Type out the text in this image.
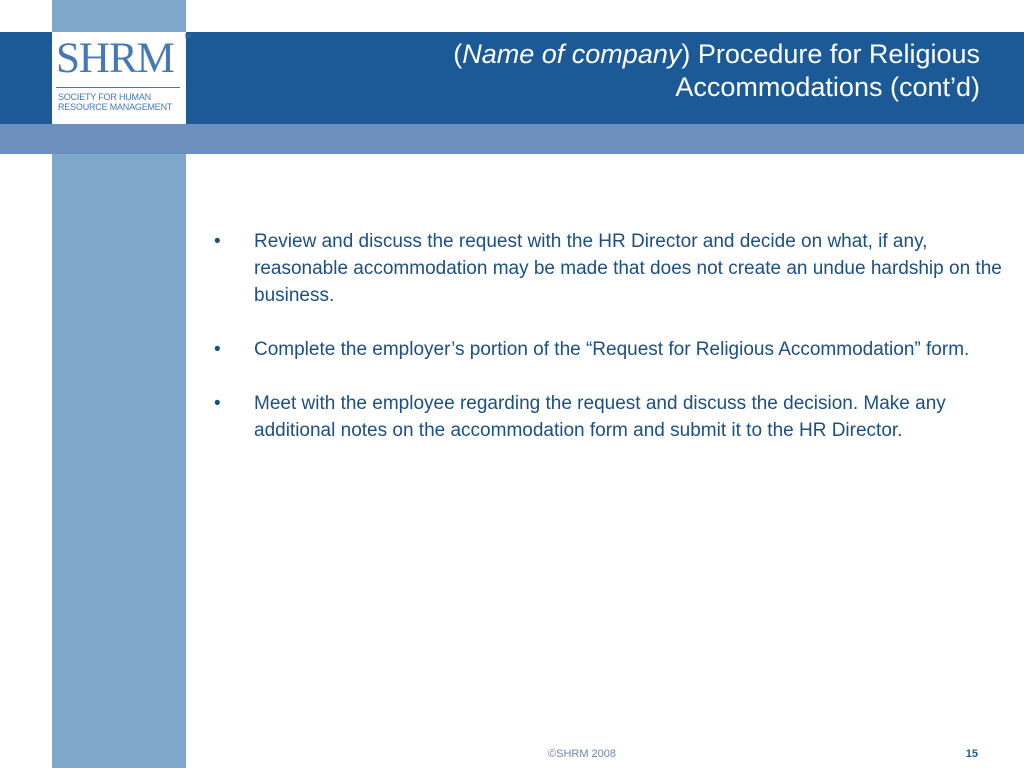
SHRM TM
SOCIETY FOR HUMAN
RESOURCE MANAGEMENT
(Name of company) Procedure for Religious
Accommodations (cont’d)
• Review and discuss the request with the HR Director and decide on what, if any, reasonable accommodation may be made that does not create an undue hardship on the business.
• Complete the employer’s portion of the “Request for Religious Accommodation” form.
• Meet with the employee regarding the request and discuss the decision. Make any additional notes on the accommodation form and submit it to the HR Director.
©SHRM 2008	15
